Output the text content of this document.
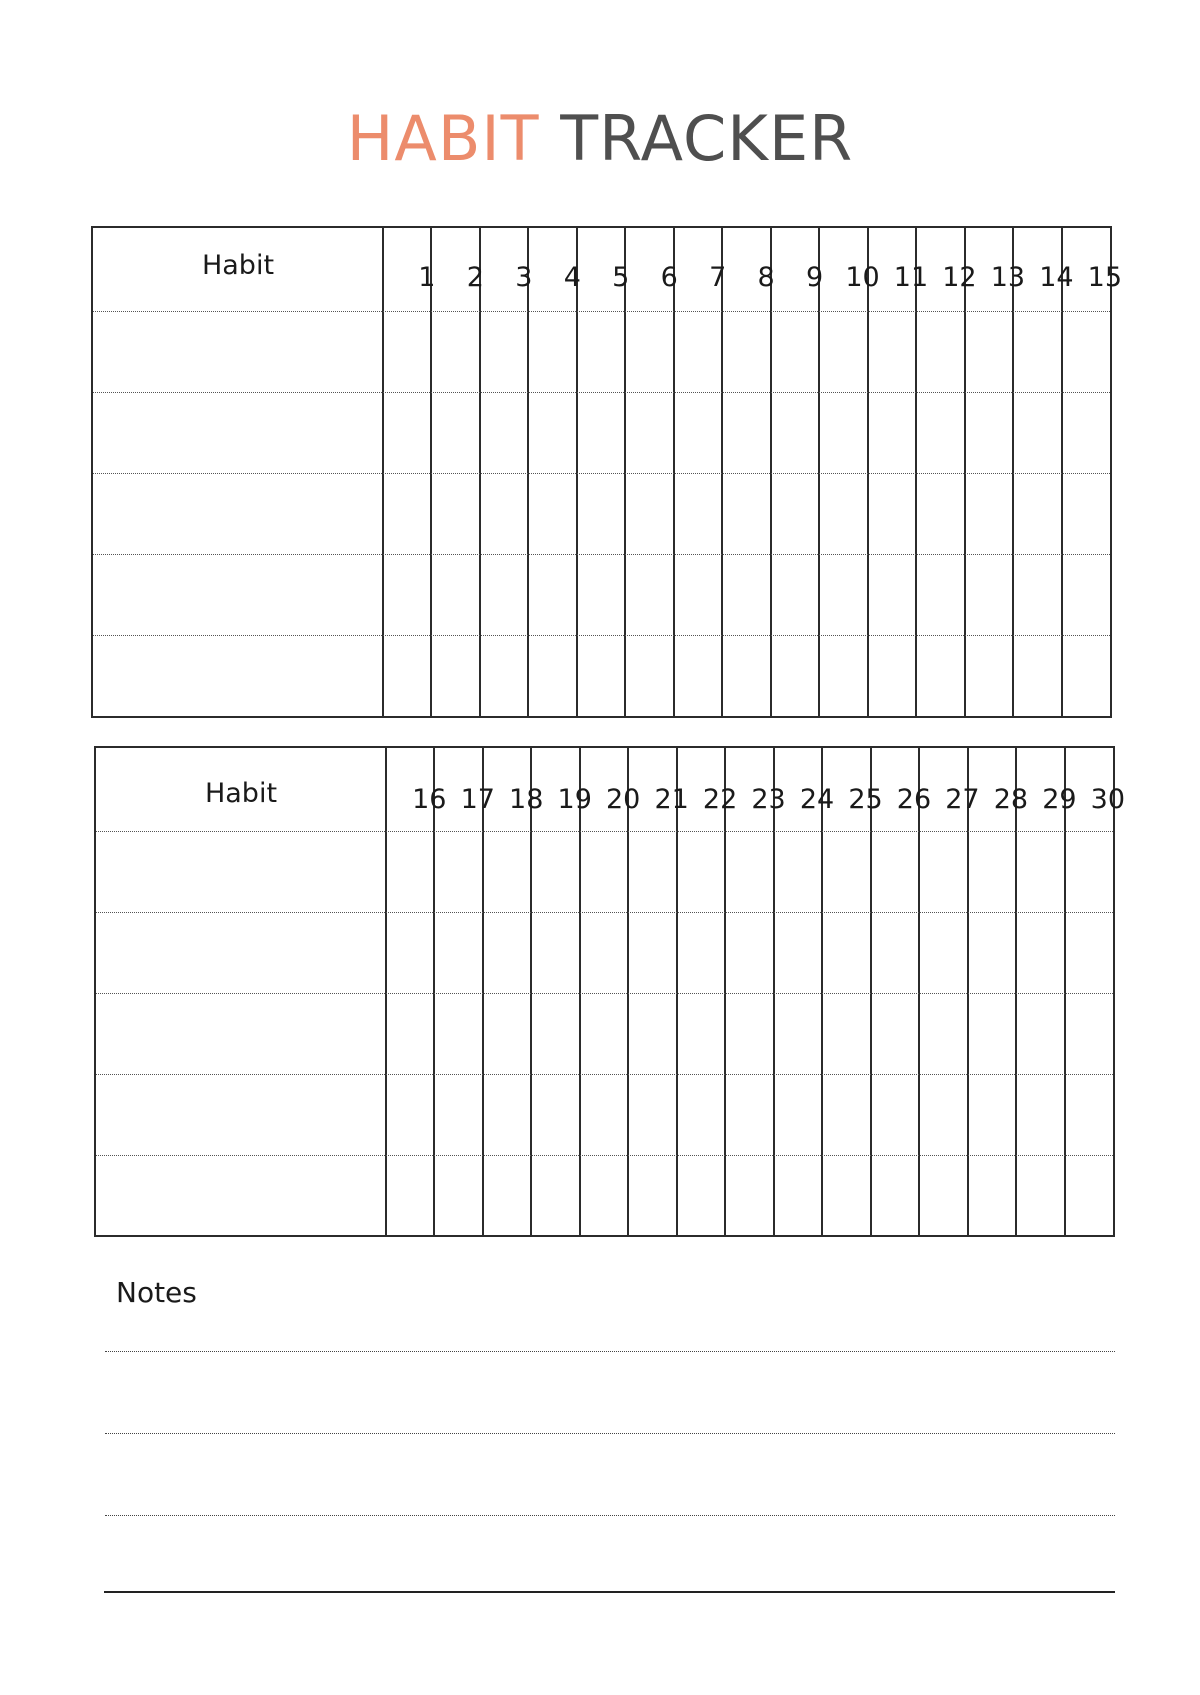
HABIT TRACKER
Habit	1 2 3 4 5 6 7 8 9 10 11 12 13 14 15
Habit	16 17 18 19 20 21 22 23 24 25 26 27 28 29 30
Notes
